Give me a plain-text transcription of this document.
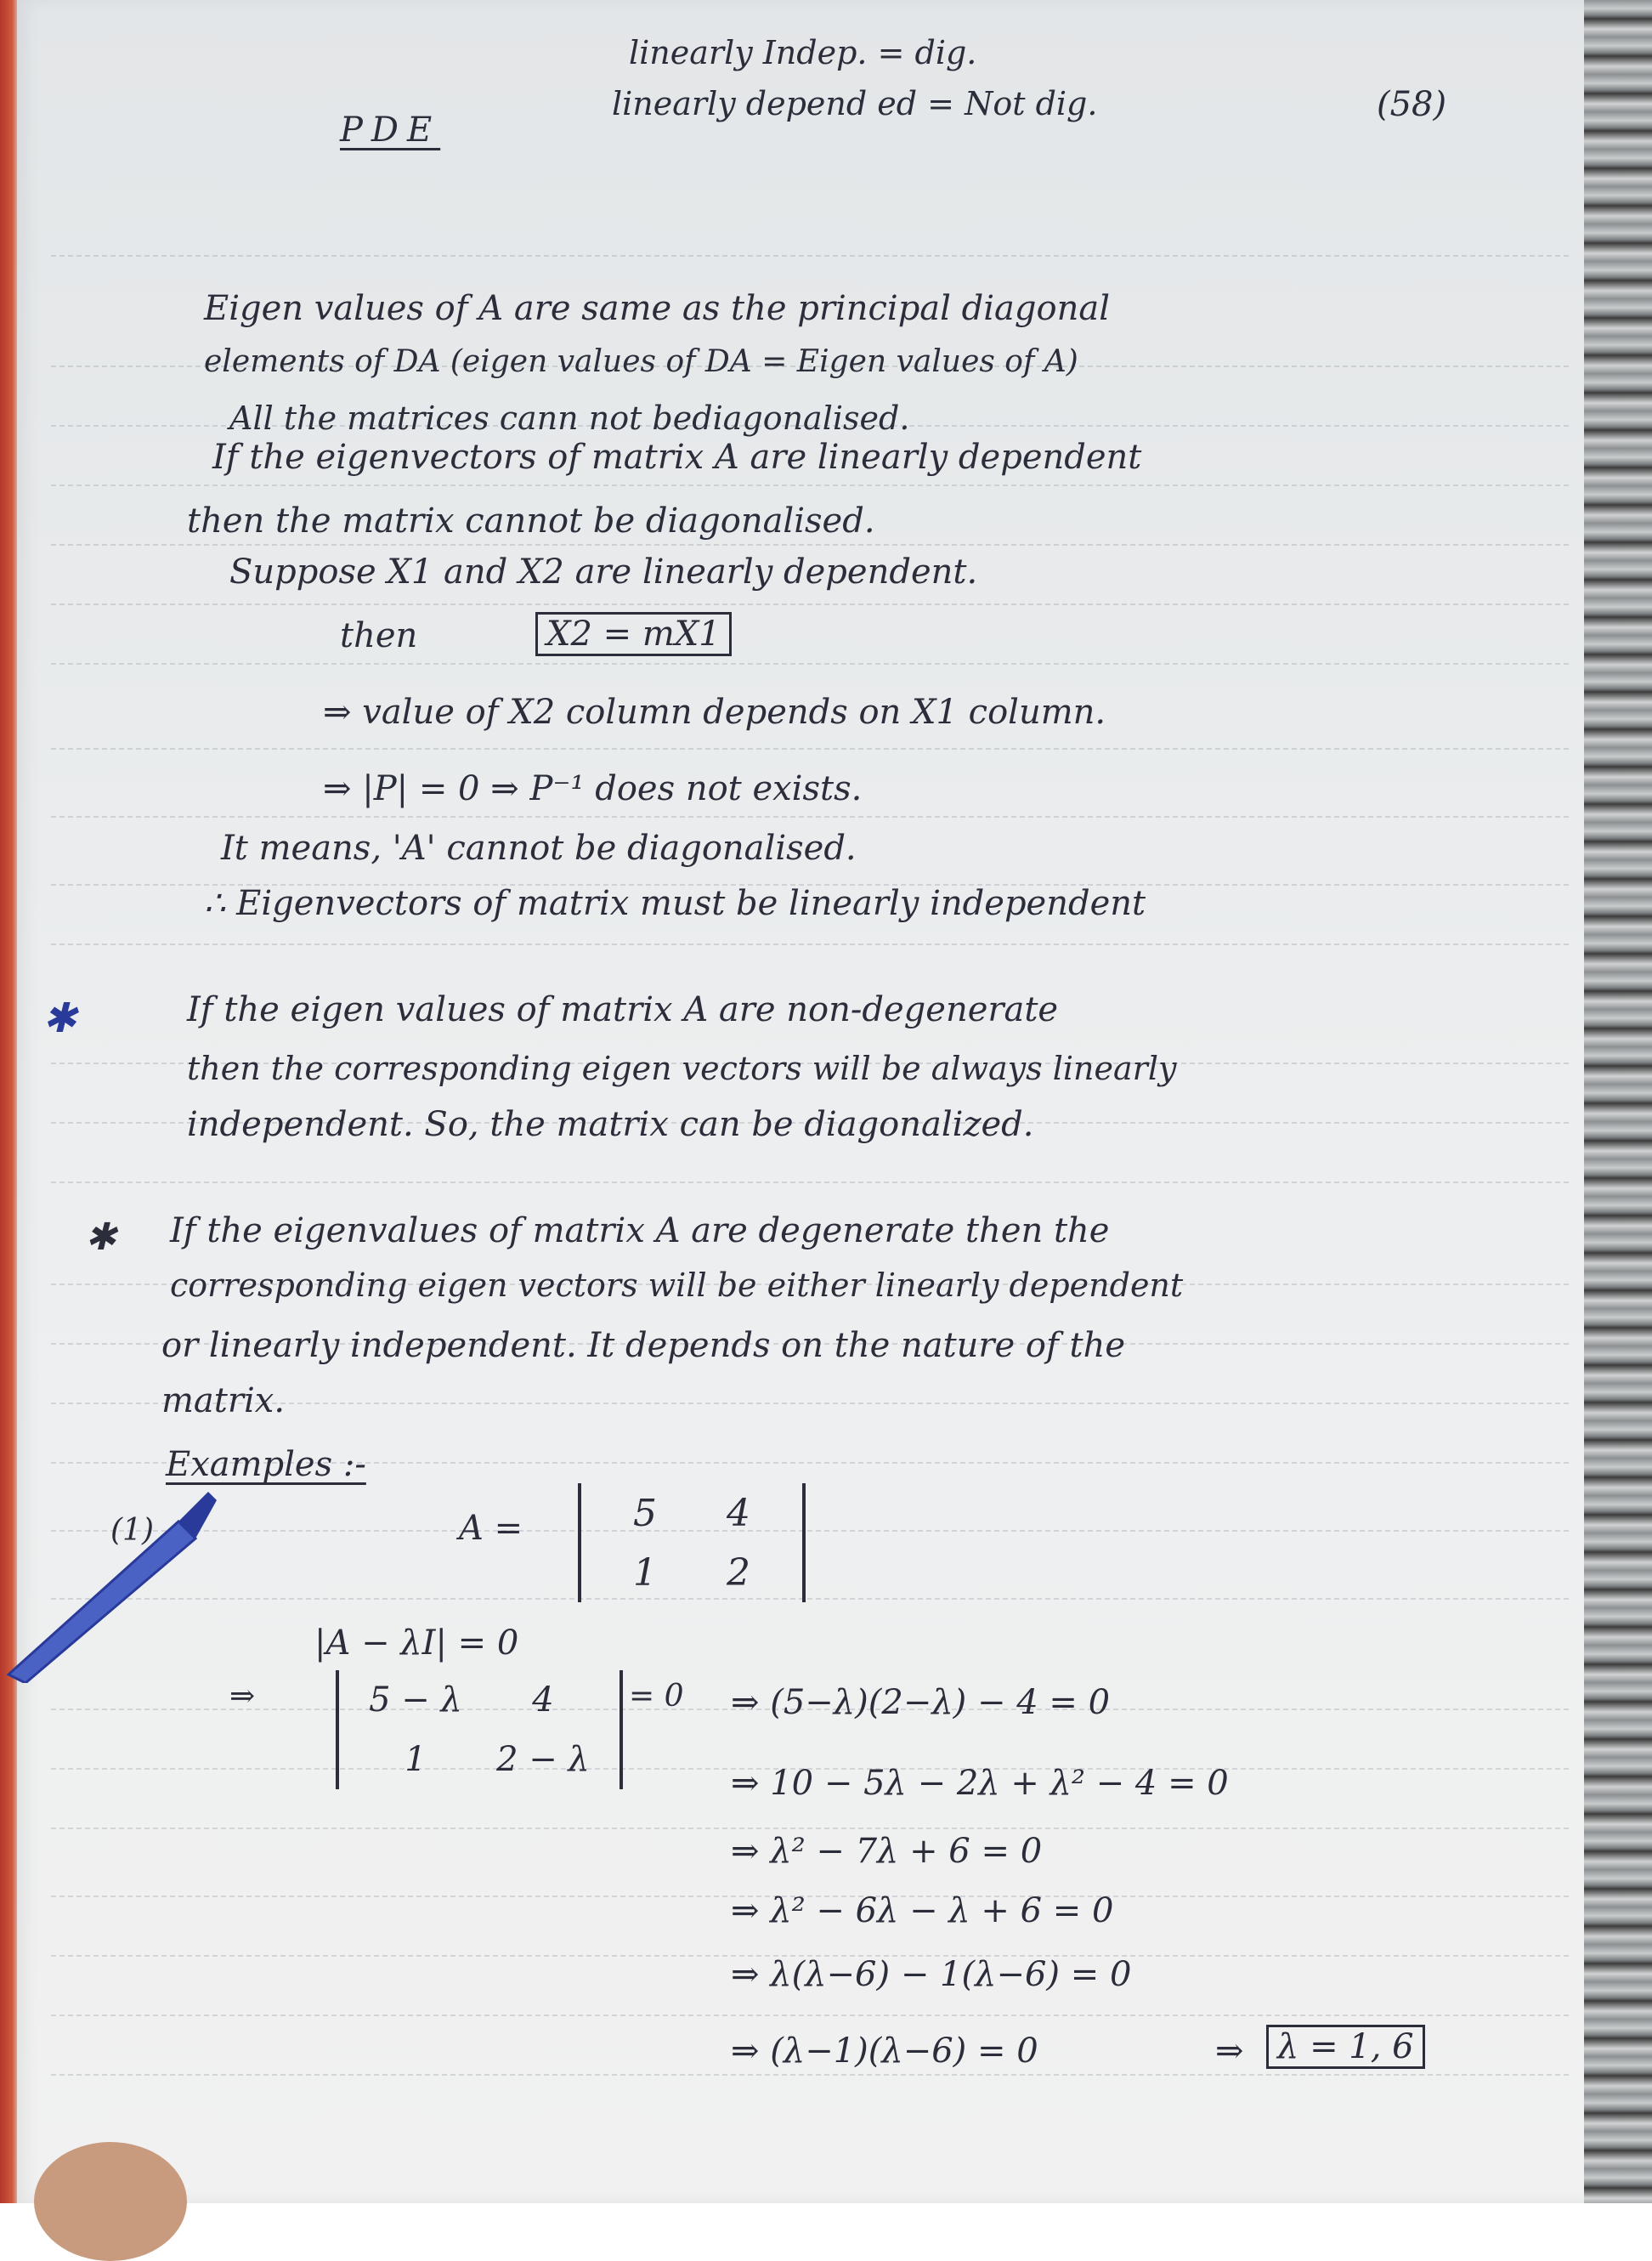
PDE
linearly Indep. = dig.
linearly depend ed = Not dig.	(58)
Eigen values of A are same as the principal diagonal
elements of DA (eigen values of DA = Eigen values of A)
All the matrices cann not bediagonalised.
If the eigenvectors of matrix A are linearly dependent
then the matrix cannot be diagonalised.
Suppose X1 and X2 are linearly dependent.
then	X2 = mX1
⇒ value of X2 column depends on X1 column.
⇒ |P| = 0 ⇒ P⁻¹ does not exists.
It means, 'A' cannot be diagonalised.
∴ Eigenvectors of matrix must be linearly independent
✱	If the eigen values of matrix A are non-degenerate
then the corresponding eigen vectors will be always linearly
independent. So, the matrix can be diagonalized.
✱ If the eigenvalues of matrix A are degenerate then the
corresponding eigen vectors will be either linearly dependent
or linearly independent. It depends on the nature of the
matrix.
Examples :-
(1)	A =	5 4
1 2
|A − λI| = 0
⇒	5 − λ 4
1 2 − λ
= 0 ⇒ (5−λ)(2−λ) − 4 = 0
⇒ 10 − 5λ − 2λ + λ² − 4 = 0
⇒ λ² − 7λ + 6 = 0
⇒ λ² − 6λ − λ + 6 = 0
⇒ λ(λ−6) − 1(λ−6) = 0
⇒ (λ−1)(λ−6) = 0	⇒ λ = 1, 6
